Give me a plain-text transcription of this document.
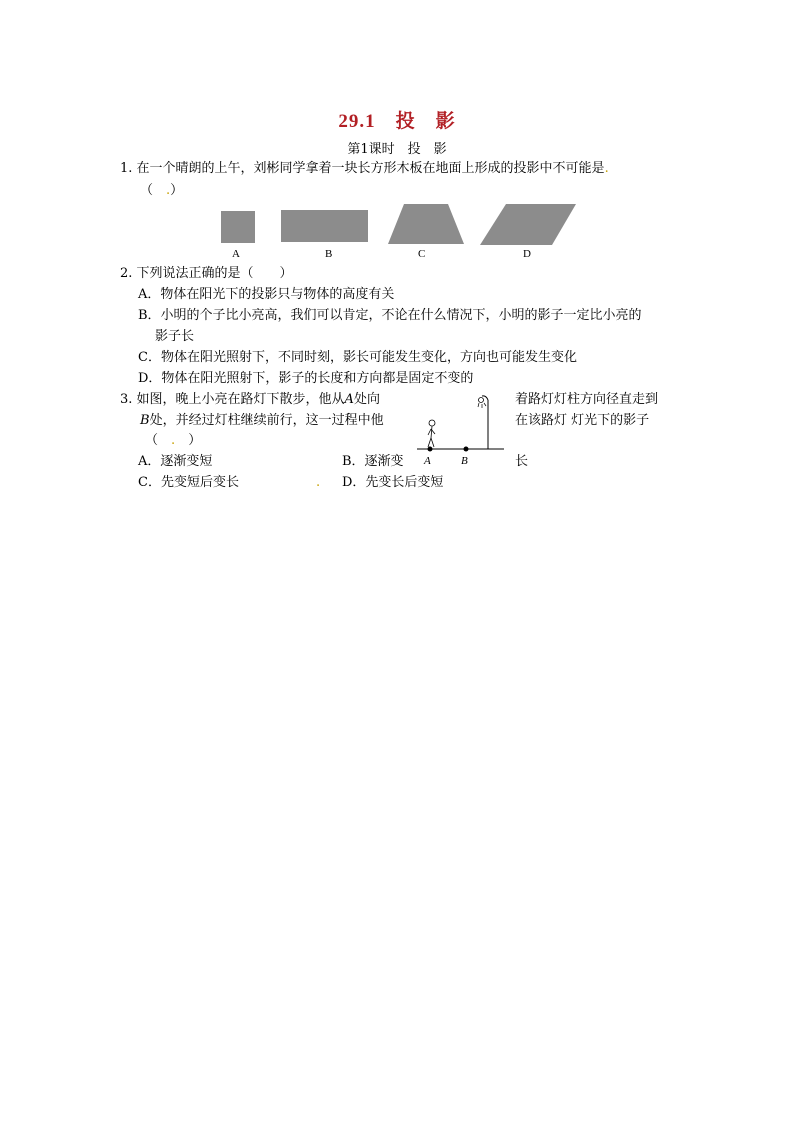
29.1　投　影
第1课时　投　影
1. 在一个晴朗的上午，刘彬同学拿着一块长方形木板在地面上形成的投影中不可能是.
（　.）
A	B	C	D
2. 下列说法正确的是（　　）
A．物体在阳光下的投影只与物体的高度有关
B．小明的个子比小亮高，我们可以肯定，不论在什么情况下，小明的影子一定比小亮的
影子长
C．物体在阳光照射下，不同时刻，影长可能发生变化，方向也可能发生变化
D．物体在阳光照射下，影子的长度和方向都是固定不变的
3. 如图，晚上小亮在路灯下散步，他从A处向	着路灯灯柱方向径直走到
B处，并经过灯柱继续前行，这一过程中他	在该路灯 灯光下的影子
（　 .　 ）
A．逐渐变短	B．逐渐变	长
C．先变短后变长	. D．先变长后变短
A	B
